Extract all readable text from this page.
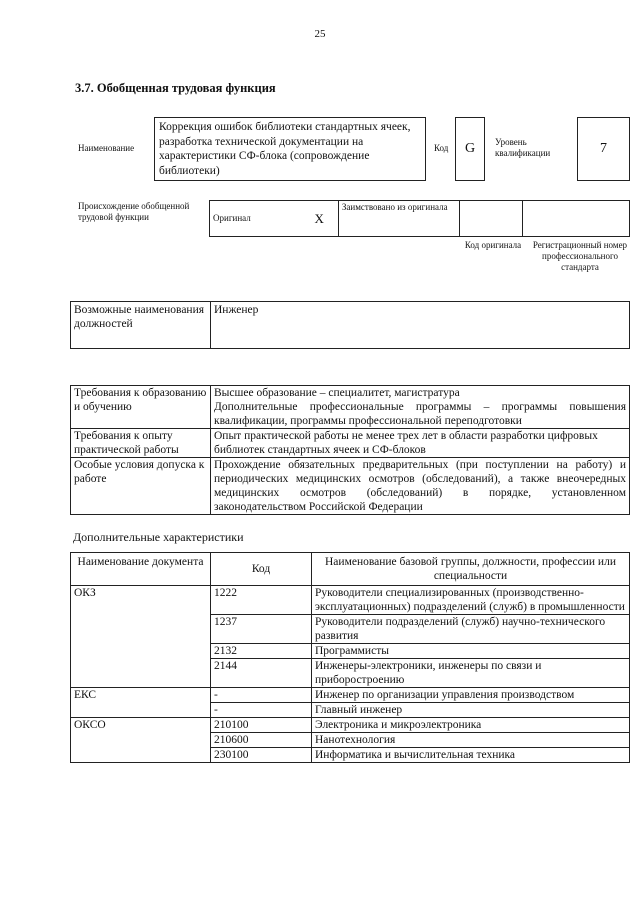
25
3.7. Обобщенная трудовая функция
Наименование
Коррекция ошибок библиотеки стандартных ячеек, разработка технической документации на характеристики СФ-блока (сопровождение библиотеки)
Код	G	Уровень квалификации	7
Происхождение обобщенной трудовой функции	Оригинал	X	Заимствовано из оригинала		
Код оригинала	Регистрационный номер профессионального стандарта
Возможные наименования должностей	Инженер
Требования к образованию и обучению	Высшее образование – специалитет, магистратура
Дополнительные профессиональные программы – программы повышения квалификации, программы профессиональной переподготовки

Требования к опыту практической работы	Опыт практической работы не менее трех лет в области разработки цифровых библиотек стандартных ячеек и СФ-блоков
Особые условия допуска к работе	Прохождение обязательных предварительных (при поступлении на работу) и периодических медицинских осмотров (обследований), а также внеочередных медицинских осмотров (обследований) в порядке, установленном законодательством Российской Федерации
Дополнительные характеристики
Наименование документа	Код	Наименование базовой группы, должности, профессии или специальности
ОКЗ	1222	Руководители специализированных (производственно-эксплуатационных) подразделений (служб) в промышленности
	1237	Руководители подразделений (служб) научно-технического развития
	2132	Программисты
	2144	Инженеры-электроники, инженеры по связи и приборостроению
ЕКС	-	Инженер по организации управления производством
	-	Главный инженер
ОКСО	210100	Электроника и микроэлектроника
	210600	Нанотехнология
	230100	Информатика и вычислительная техника
